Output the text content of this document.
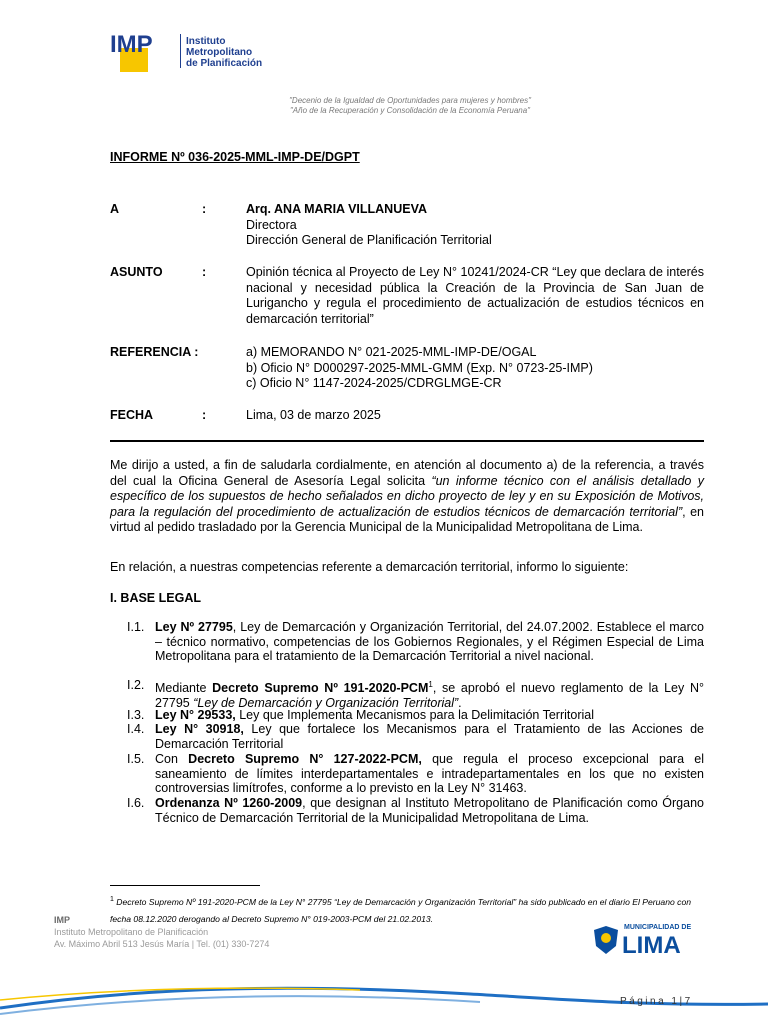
IMP	Instituto
Metropolitano
de Planificación
"Decenio de la Igualdad de Oportunidades para mujeres y hombres"
"Año de la Recuperación y Consolidación de la Economía Peruana"
INFORME Nº 036-2025-MML-IMP-DE/DGPT
A	:	Arq. ANA MARIA VILLANUEVA
Directora
Dirección General de Planificación Territorial
ASUNTO	:	Opinión técnica al Proyecto de Ley N° 10241/2024-CR “Ley que declara de interés nacional y necesidad pública la Creación de la Provincia de San Juan de Lurigancho y regula el procedimiento de actualización de estudios técnicos en demarcación territorial”
REFERENCIA :	a) MEMORANDO N° 021-2025-MML-IMP-DE/OGAL
b) Oficio N° D000297-2025-MML-GMM (Exp. N° 0723-25-IMP)
c) Oficio N° 1147-2024-2025/CDRGLMGE-CR
FECHA	:	Lima, 03 de marzo 2025
Me dirijo a usted, a fin de saludarla cordialmente, en atención al documento a) de la referencia, a través del cual la Oficina General de Asesoría Legal solicita “un informe técnico con el análisis detallado y específico de los supuestos de hecho señalados en dicho proyecto de ley y en su Exposición de Motivos, para la regulación del procedimiento de actualización de estudios técnicos de demarcación territorial”, en virtud al pedido trasladado por la Gerencia Municipal de la Municipalidad Metropolitana de Lima.
En relación, a nuestras competencias referente a demarcación territorial, informo lo siguiente:
I. BASE LEGAL
I.1. Ley Nº 27795, Ley de Demarcación y Organización Territorial, del 24.07.2002. Establece el marco – técnico normativo, competencias de los Gobiernos Regionales, y el Régimen Especial de Lima Metropolitana para el tratamiento de la Demarcación Territorial a nivel nacional.
I.2. Mediante Decreto Supremo Nº 191-2020-PCM$^1$, se aprobó el nuevo reglamento de la Ley N° 27795 “Ley de Demarcación y Organización Territorial”.
I.3. Ley N° 29533, Ley que Implementa Mecanismos para la Delimitación Territorial
I.4. Ley N° 30918, Ley que fortalece los Mecanismos para el Tratamiento de las Acciones de Demarcación Territorial
I.5. Con Decreto Supremo N° 127-2022-PCM, que regula el proceso excepcional para el saneamiento de límites interdepartamentales e intradepartamentales en los que no existen controversias limítrofes, conforme a lo previsto en la Ley N° 31463.
I.6. Ordenanza Nº 1260-2009, que designan al Instituto Metropolitano de Planificación como Órgano Técnico de Demarcación Territorial de la Municipalidad Metropolitana de Lima.
$^1$ Decreto Supremo Nº 191-2020-PCM de la Ley N° 27795 “Ley de Demarcación y Organización Territorial” ha sido publicado en el diario El Peruano con fecha 08.12.2020 derogando al Decreto Supremo N° 019-2003-PCM del 21.02.2013.
IMP
Instituto Metropolitano de Planificación
Av. Máximo Abril 513 Jesús María | Tel. (01) 330-7274
MUNICIPALIDAD DE
LIMA
Página 1|7
